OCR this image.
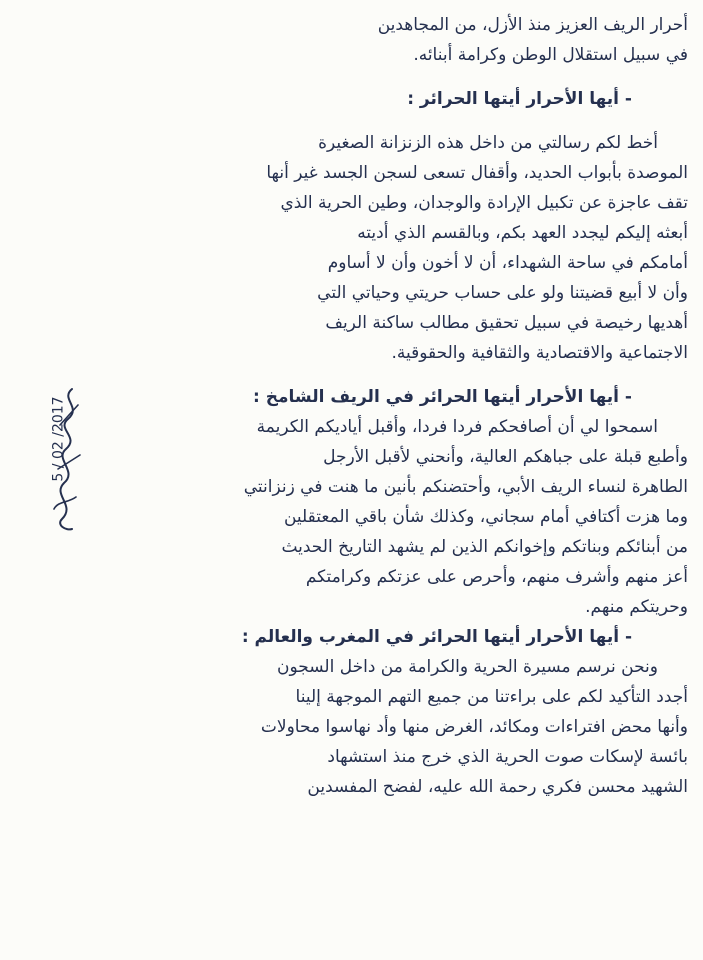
أحرار الريف العزيز منذ الأزل، من المجاهدين
في سبيل استقلال الوطن وكرامة أبنائه.
- أيها الأحرار أيتها الحرائر :
أخط لكم رسالتي من داخل هذه الزنزانة الصغيرة
الموصدة بأبواب الحديد، وأقفال تسعى لسجن الجسد غير أنها
تقف عاجزة عن تكبيل الإرادة والوجدان، وطين الحرية الذي
أبعثه إليكم ليجدد العهد بكم، وبالقسم الذي أديته
أمامكم في ساحة الشهداء، أن لا أخون وأن لا أساوم
وأن لا أبيع قضيتنا ولو على حساب حريتي وحياتي التي
أهديها رخيصة في سبيل تحقيق مطالب ساكنة الريف
الاجتماعية والاقتصادية والثقافية والحقوقية.
- أيها الأحرار أيتها الحرائر في الريف الشامخ :
اسمحوا لي أن أصافحكم فردا فردا، وأقبل أياديكم الكريمة
وأطبع قبلة على جباهكم العالية، وأنحني لأقبل الأرجل
الطاهرة لنساء الريف الأبي، وأحتضنكم بأنين ما هنت في زنزانتي
وما هزت أكتافي أمام سجاني، وكذلك شأن باقي المعتقلين
من أبنائكم وبناتكم وإخوانكم الذين لم يشهد التاريخ الحديث
أعز منهم وأشرف منهم، وأحرص على عزتكم وكرامتكم
وحريتكم منهم.
- أيها الأحرار أيتها الحرائر في المغرب والعالم :
ونحن نرسم مسيرة الحرية والكرامة من داخل السجون
أجدد التأكيد لكم على براءتنا من جميع التهم الموجهة إلينا
وأنها محض افتراءات ومكائد، الغرض منها وأد نهاسوا محاولات
بائسة لإسكات صوت الحرية الذي خرج منذ استشهاد
الشهيد محسن فكري رحمة الله عليه، لفضح المفسدين
2017/ 02 / 5
